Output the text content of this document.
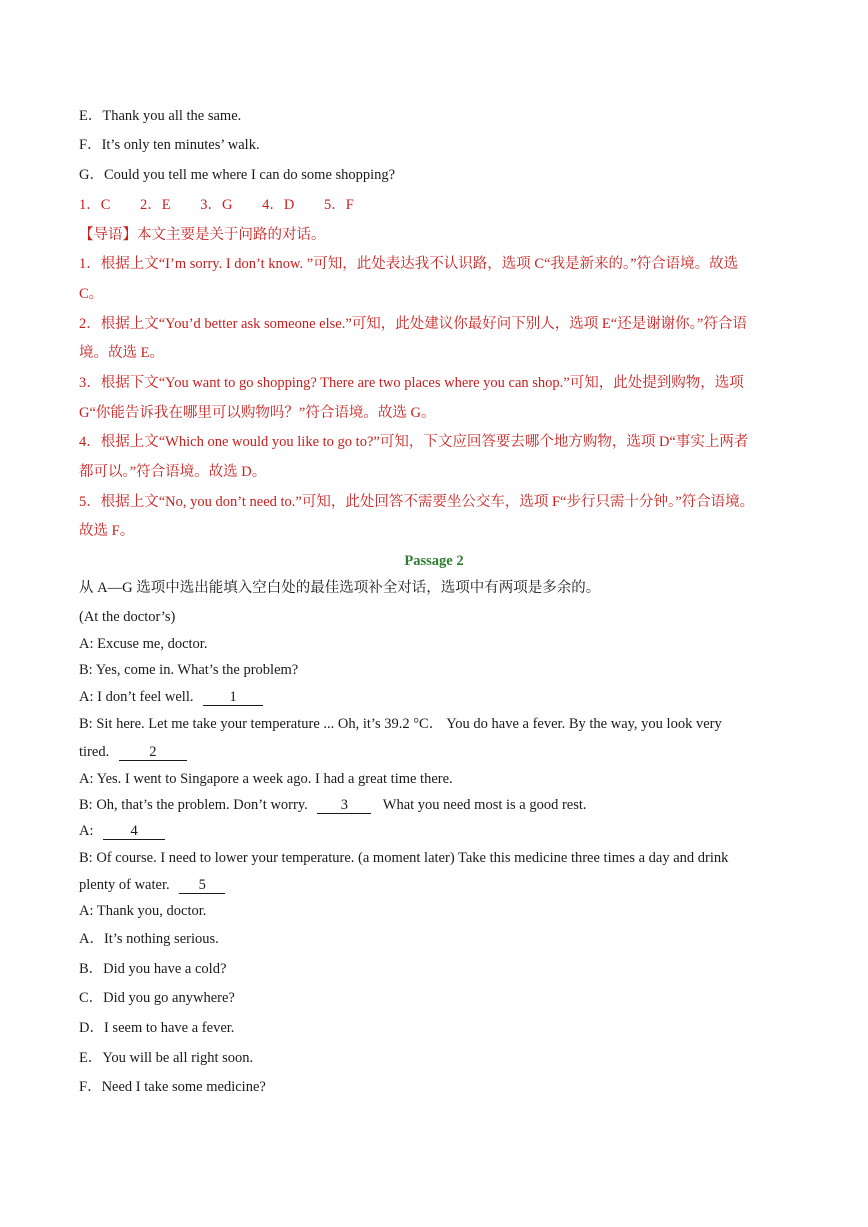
E．Thank you all the same.
F．It’s only ten minutes’ walk.
G．Could you tell me where I can do some shopping?
1．C 2．E 3．G 4．D 5．F
【导语】本文主要是关于问路的对话。
1．根据上文“I’m sorry. I don’t know. ”可知，此处表达我不认识路，选项 C“我是新来的。”符合语境。故选
C。
2．根据上文“You’d better ask someone else.”可知，此处建议你最好问下别人，选项 E“还是谢谢你。”符合语
境。故选 E。
3．根据下文“You want to go shopping? There are two places where you can shop.”可知，此处提到购物，选项
G“你能告诉我在哪里可以购物吗？”符合语境。故选 G。
4．根据上文“Which one would you like to go to?”可知，下文应回答要去哪个地方购物，选项 D“事实上两者
都可以。”符合语境。故选 D。
5．根据上文“No, you don’t need to.”可知，此处回答不需要坐公交车，选项 F“步行只需十分钟。”符合语境。
故选 F。
Passage 2
从 A—G 选项中选出能填入空白处的最佳选项补全对话，选项中有两项是多余的。
(At the doctor’s)
A: Excuse me, doctor.
B: Yes, come in. What’s the problem?
A: I don’t feel well. 1
B: Sit here. Let me take your temperature ... Oh, it’s 39.2 °C． You do have a fever. By the way, you look very
tired.	2
A: Yes. I went to Singapore a week ago. I had a great time there.
B: Oh, that’s the problem. Don’t worry. 3 What you need most is a good rest.
A:	4
B: Of course. I need to lower your temperature. (a moment later) Take this medicine three times a day and drink
plenty of water. 5
A: Thank you, doctor.
A．It’s nothing serious.
B．Did you have a cold?
C．Did you go anywhere?
D．I seem to have a fever.
E．You will be all right soon.
F．Need I take some medicine?
